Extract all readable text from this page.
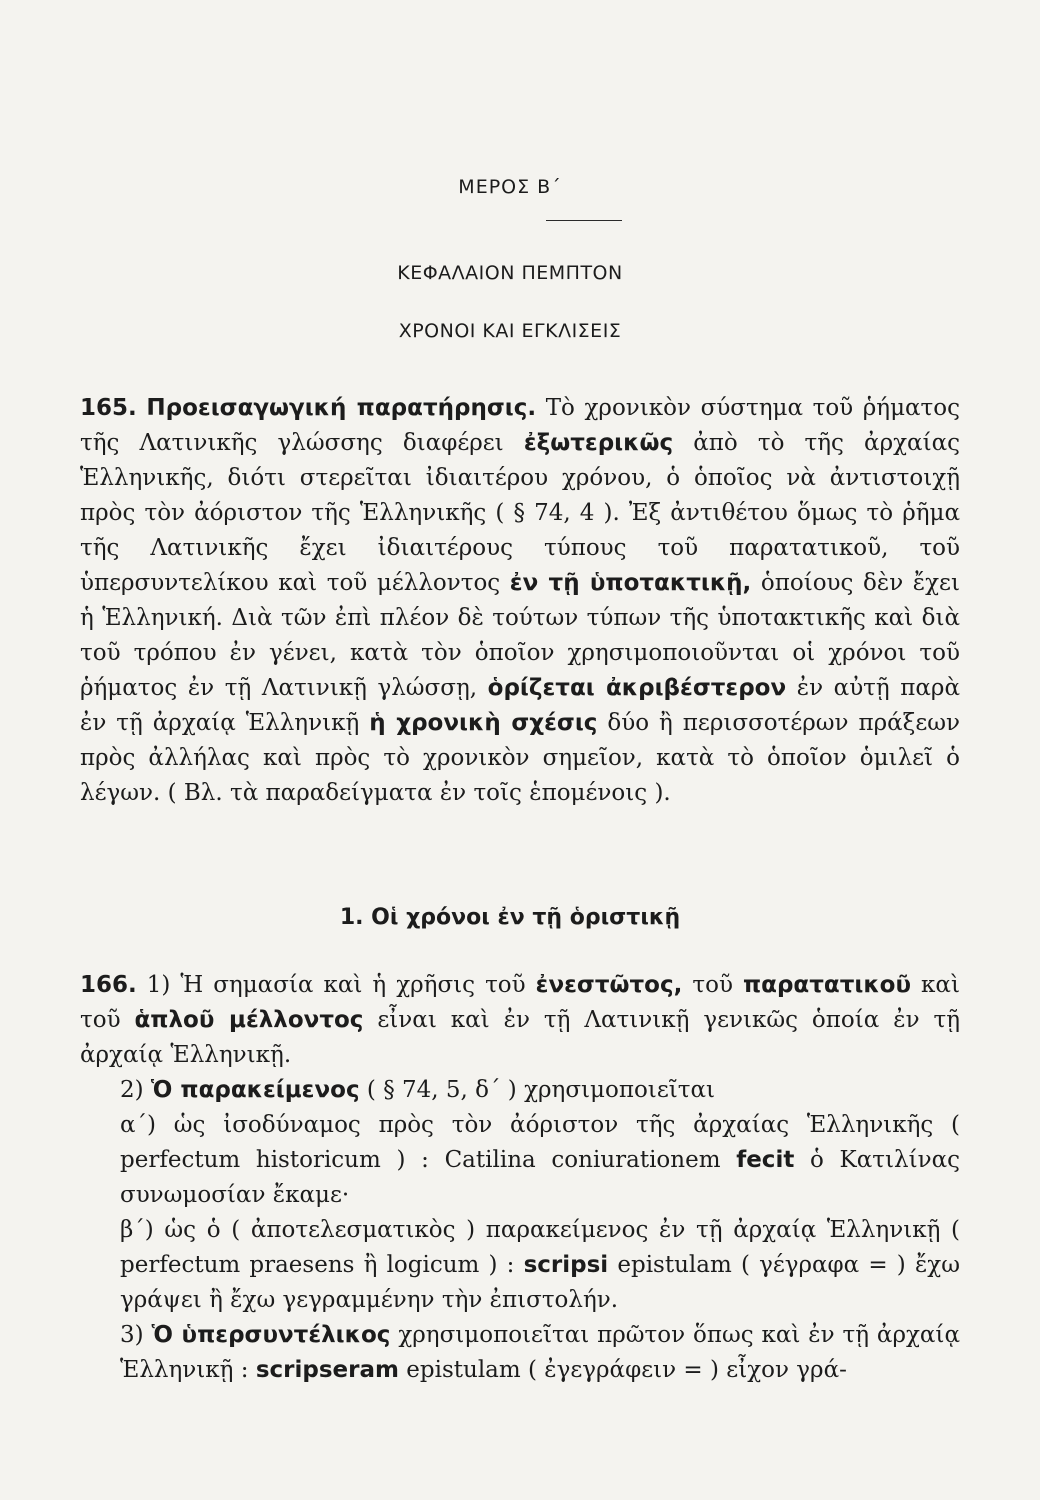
ΜΕΡΟΣ Β΄
ΚΕΦΑΛΑΙΟΝ ΠΕΜΠΤΟΝ
ΧΡΟΝΟΙ ΚΑΙ ΕΓΚΛΙΣΕΙΣ
165. Προεισαγωγική παρατήρησις. Τὸ χρονικὸν σύστημα τοῦ ῥήματος τῆς Λατινικῆς γλώσσης διαφέρει ἐξωτερικῶς ἀπὸ τὸ τῆς ἀρχαίας Ἑλληνικῆς, διότι στερεῖται ἰδιαιτέρου χρόνου, ὁ ὁποῖος νὰ ἀντιστοιχῇ πρὸς τὸν ἀόριστον τῆς Ἑλληνικῆς ( § 74, 4 ). Ἐξ ἀντιθέτου ὅμως τὸ ῥῆμα τῆς Λατινικῆς ἔχει ἰδιαιτέρους τύπους τοῦ παρατατικοῦ, τοῦ ὑπερσυντελίκου καὶ τοῦ μέλλοντος ἐν τῇ ὑποτακτικῇ, ὁποίους δὲν ἔχει ἡ Ἑλληνική. Διὰ τῶν ἐπὶ πλέον δὲ τούτων τύπων τῆς ὑποτακτικῆς καὶ διὰ τοῦ τρόπου ἐν γένει, κατὰ τὸν ὁποῖον χρησιμοποιοῦνται οἱ χρόνοι τοῦ ῥήματος ἐν τῇ Λατινικῇ γλώσσῃ, ὁρίζεται ἀκριβέστερον ἐν αὐτῇ παρὰ ἐν τῇ ἀρχαίᾳ Ἑλληνικῇ ἡ χρονικὴ σχέσις δύο ἢ περισσοτέρων πράξεων πρὸς ἀλλήλας καὶ πρὸς τὸ χρονικὸν σημεῖον, κατὰ τὸ ὁποῖον ὁμιλεῖ ὁ λέγων. ( Βλ. τὰ παραδείγματα ἐν τοῖς ἑπομένοις ).
1. Οἱ χρόνοι ἐν τῇ ὁριστικῇ
166. 1) Ἡ σημασία καὶ ἡ χρῆσις τοῦ ἐνεστῶτος, τοῦ παρατατικοῦ καὶ τοῦ ἁπλοῦ μέλλοντος εἶναι καὶ ἐν τῇ Λατινικῇ γενικῶς ὁποία ἐν τῇ ἀρχαίᾳ Ἑλληνικῇ.
2) Ὁ παρακείμενος ( § 74, 5, δ΄ ) χρησιμοποιεῖται
α΄) ὡς ἰσοδύναμος πρὸς τὸν ἀόριστον τῆς ἀρχαίας Ἑλληνικῆς ( perfectum historicum ) : Catilina coniurationem fecit ὁ Κατιλίνας συνωμοσίαν ἔκαμε·
β΄) ὡς ὁ ( ἀποτελεσματικὸς ) παρακείμενος ἐν τῇ ἀρχαίᾳ Ἑλληνικῇ ( perfectum praesens ἢ logicum ) : scripsi epistulam ( γέγραφα = ) ἔχω γράψει ἢ ἔχω γεγραμμένην τὴν ἐπιστολήν.
3) Ὁ ὑπερσυντέλικος χρησιμοποιεῖται πρῶτον ὅπως καὶ ἐν τῇ ἀρχαίᾳ Ἑλληνικῇ : scripseram epistulam ( ἐγεγράφειν = ) εἶχον γρά-
